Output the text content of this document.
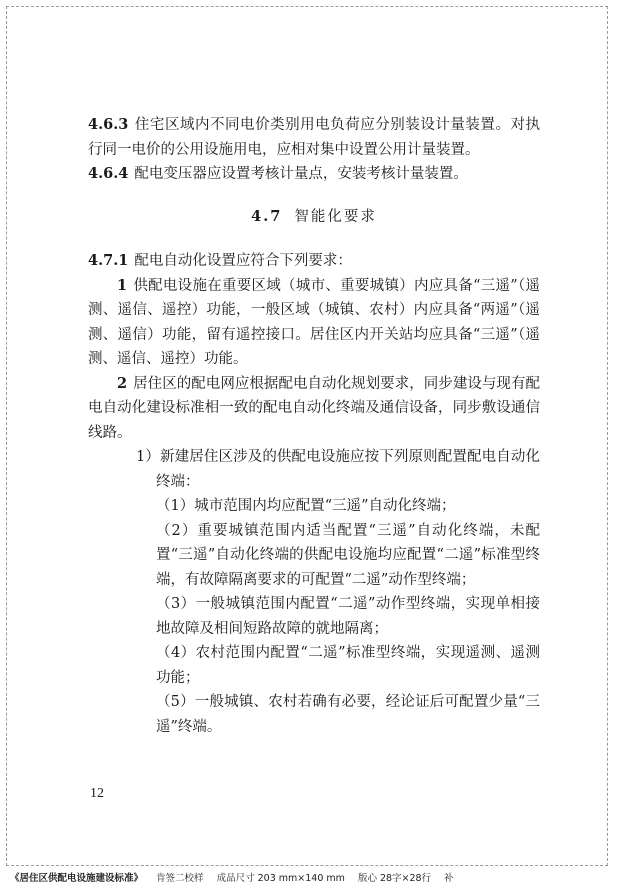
4.6.3 住宅区域内不同电价类别用电负荷应分别装设计量装置。对执行同一电价的公用设施用电，应相对集中设置公用计量装置。

4.6.4 配电变压器应设置考核计量点，安装考核计量装置。

4.7 智能化要求

4.7.1 配电自动化设置应符合下列要求：

1 供配电设施在重要区域（城市、重要城镇）内应具备“三遥”（遥测、遥信、遥控）功能，一般区域（城镇、农村）内应具备“两遥”（遥测、遥信）功能，留有遥控接口。居住区内开关站均应具备“三遥”（遥测、遥信、遥控）功能。

2 居住区的配电网应根据配电自动化规划要求，同步建设与现有配电自动化建设标准相一致的配电自动化终端及通信设备，同步敷设通信线路。

1）新建居住区涉及的供配电设施应按下列原则配置配电自动化终端：

（1）城市范围内均应配置“三遥”自动化终端；

（2）重要城镇范围内适当配置“三遥”自动化终端，未配置“三遥”自动化终端的供配电设施均应配置“二遥”标准型终端，有故障隔离要求的可配置“二遥”动作型终端；

（3）一般城镇范围内配置“二遥”动作型终端，实现单相接地故障及相间短路故障的就地隔离；

（4）农村范围内配置“二遥”标准型终端，实现遥测、遥测功能；

（5）一般城镇、农村若确有必要，经论证后可配置少量“三遥”终端。

12
《居住区供配电设施建设标准》 肯签二校样 成品尺寸 203 mm×140 mm 版心 28字×28行 补
